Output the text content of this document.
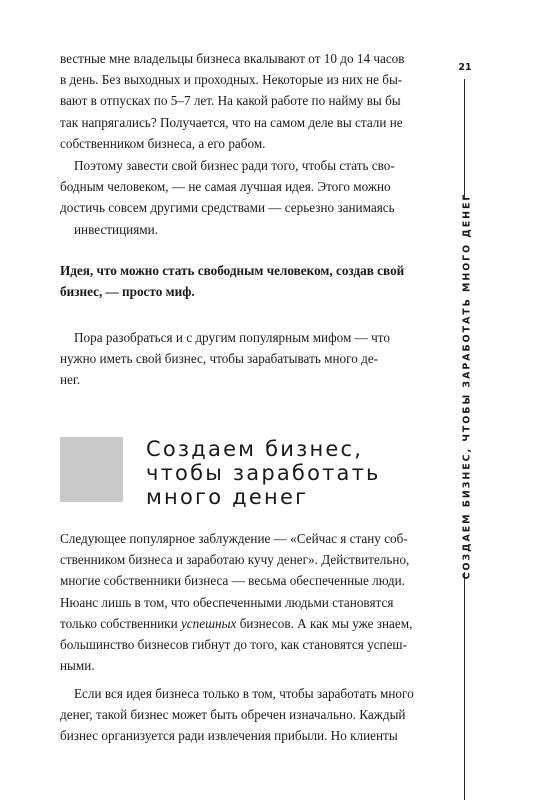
вестные мне владельцы бизнеса вкалывают от 10 до 14 часов
в день. Без выходных и проходных. Некоторые из них не бы-
вают в отпусках по 5–7 лет. На какой работе по найму вы бы
так напрягались? Получается, что на самом деле вы стали не
собственником бизнеса, а его рабом.
Поэтому завести свой бизнес ради того, чтобы стать сво-
бодным человеком, — не самая лучшая идея. Этого можно
достичь совсем другими средствами — серьезно занимаясь
инвестициями.
Идея, что можно стать свободным человеком, создав свой
бизнес, — просто миф.
Пора разобраться и с другим популярным мифом — что
нужно иметь свой бизнес, чтобы зарабатывать много де-
нег.
Создаем бизнес,
чтобы заработать
много денег
Следующее популярное заблуждение — «Сейчас я стану соб-
ственником бизнеса и заработаю кучу денег». Действительно,
многие собственники бизнеса — весьма обеспеченные люди.
Нюанс лишь в том, что обеспеченными людьми становятся
только собственники успешных бизнесов. А как мы уже знаем,
большинство бизнесов гибнут до того, как становятся успеш-
ными.
Если вся идея бизнеса только в том, чтобы заработать много
денег, такой бизнес может быть обречен изначально. Каждый
бизнес организуется ради извлечения прибыли. Но клиенты
21
СОЗДАЕМ БИЗНЕС, ЧТОБЫ ЗАРАБОТАТЬ МНОГО ДЕНЕГ
